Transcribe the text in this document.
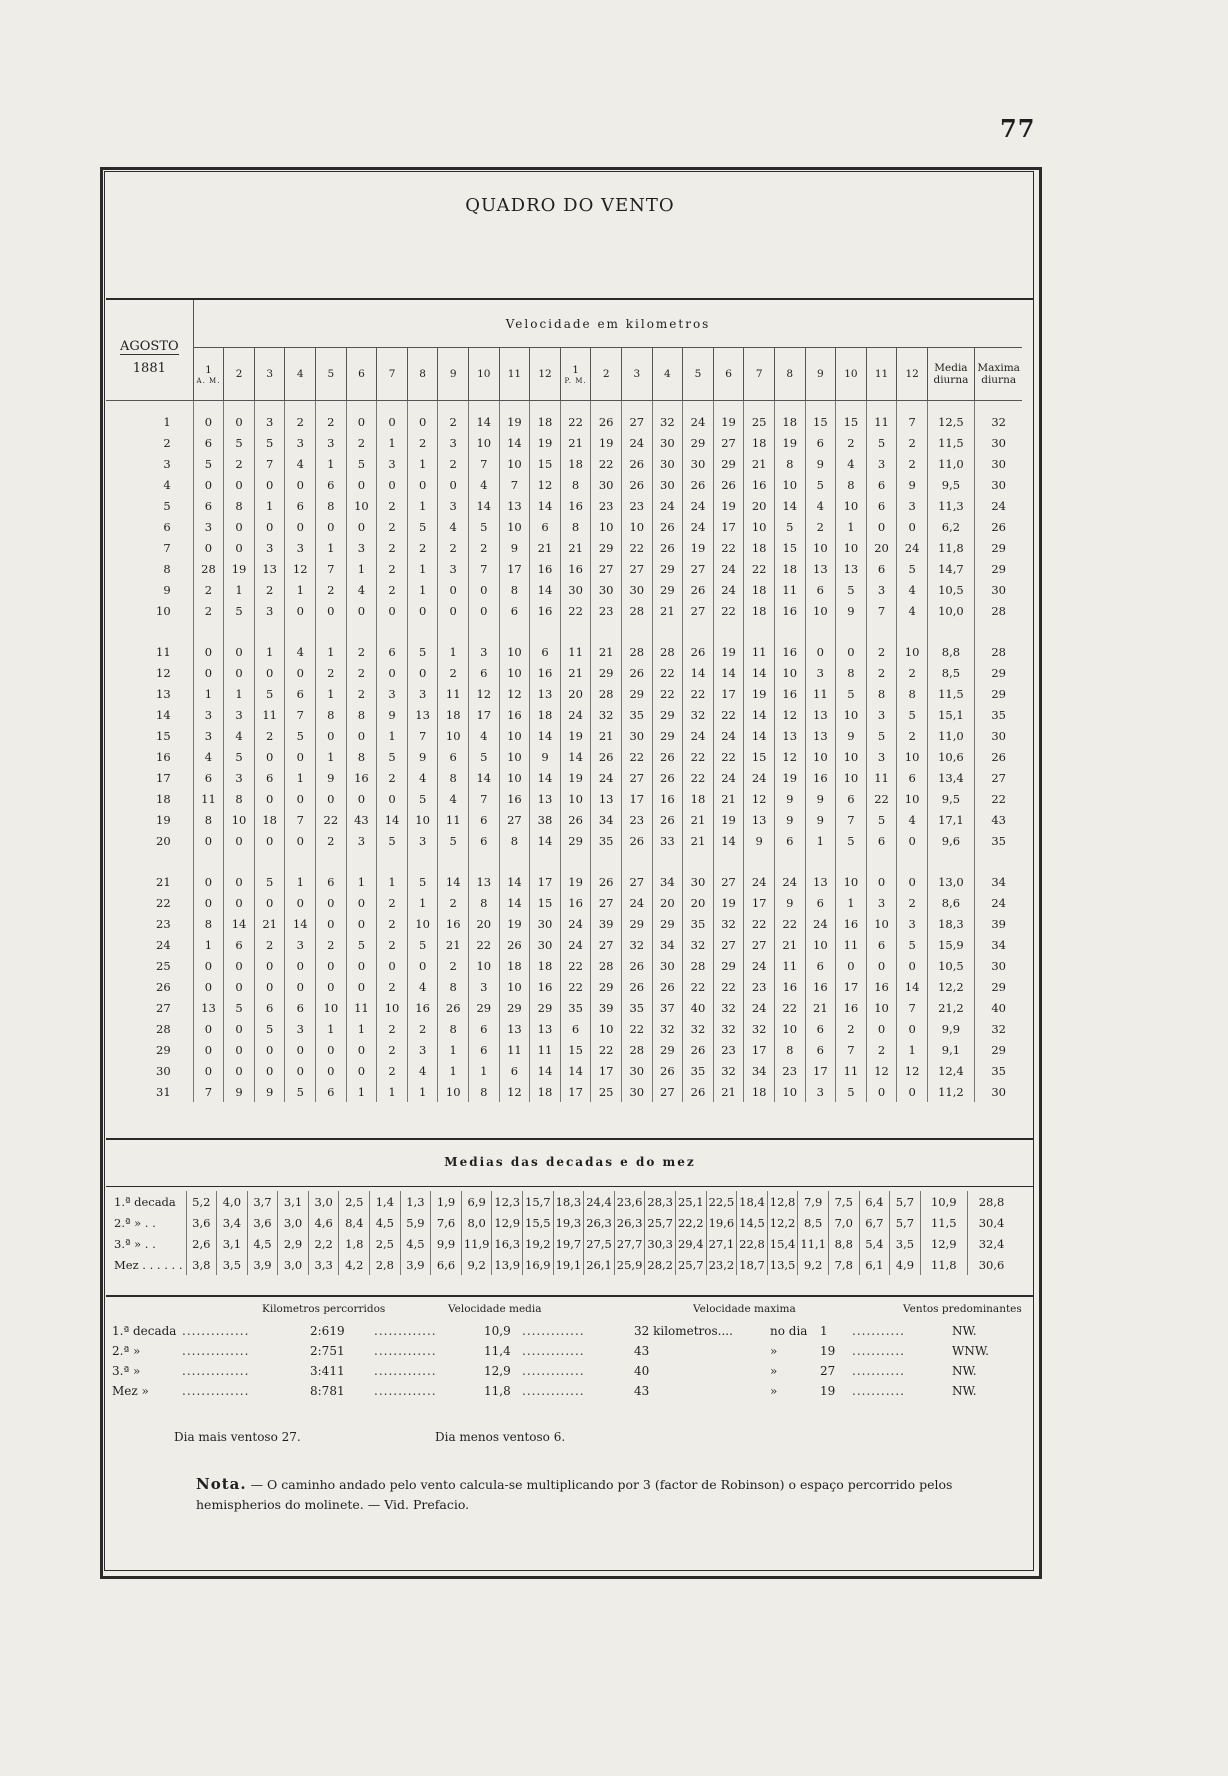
77
QUADRO DO VENTO
AGOSTO
1881	Velocidade em kilometros																									
	1
A. M.	2	3	4	5	6	7	8	9	10	11	12	1
P. M.	2	3	4	5	6	7	8	9	10	11	12	Media diurna	Maxima diurna

1	0	0	3	2	2	0	0	0	2	14	19	18	22	26	27	32	24	19	25	18	15	15	11	7	12,5	32
2	6	5	5	3	3	2	1	2	3	10	14	19	21	19	24	30	29	27	18	19	6	2	5	2	11,5	30
3	5	2	7	4	1	5	3	1	2	7	10	15	18	22	26	30	30	29	21	8	9	4	3	2	11,0	30
4	0	0	0	0	6	0	0	0	0	4	7	12	8	30	26	30	26	26	16	10	5	8	6	9	9,5	30
5	6	8	1	6	8	10	2	1	3	14	13	14	16	23	23	24	24	19	20	14	4	10	6	3	11,3	24
6	3	0	0	0	0	0	2	5	4	5	10	6	8	10	10	26	24	17	10	5	2	1	0	0	6,2	26
7	0	0	3	3	1	3	2	2	2	2	9	21	21	29	22	26	19	22	18	15	10	10	20	24	11,8	29
8	28	19	13	12	7	1	2	1	3	7	17	16	16	27	27	29	27	24	22	18	13	13	6	5	14,7	29
9	2	1	2	1	2	4	2	1	0	0	8	14	30	30	30	29	26	24	18	11	6	5	3	4	10,5	30
10	2	5	3	0	0	0	0	0	0	0	6	16	22	23	28	21	27	22	18	16	10	9	7	4	10,0	28

11	0	0	1	4	1	2	6	5	1	3	10	6	11	21	28	28	26	19	11	16	0	0	2	10	8,8	28
12	0	0	0	0	2	2	0	0	2	6	10	16	21	29	26	22	14	14	14	10	3	8	2	2	8,5	29
13	1	1	5	6	1	2	3	3	11	12	12	13	20	28	29	22	22	17	19	16	11	5	8	8	11,5	29
14	3	3	11	7	8	8	9	13	18	17	16	18	24	32	35	29	32	22	14	12	13	10	3	5	15,1	35
15	3	4	2	5	0	0	1	7	10	4	10	14	19	21	30	29	24	24	14	13	13	9	5	2	11,0	30
16	4	5	0	0	1	8	5	9	6	5	10	9	14	26	22	26	22	22	15	12	10	10	3	10	10,6	26
17	6	3	6	1	9	16	2	4	8	14	10	14	19	24	27	26	22	24	24	19	16	10	11	6	13,4	27
18	11	8	0	0	0	0	0	5	4	7	16	13	10	13	17	16	18	21	12	9	9	6	22	10	9,5	22
19	8	10	18	7	22	43	14	10	11	6	27	38	26	34	23	26	21	19	13	9	9	7	5	4	17,1	43
20	0	0	0	0	2	3	5	3	5	6	8	14	29	35	26	33	21	14	9	6	1	5	6	0	9,6	35

21	0	0	5	1	6	1	1	5	14	13	14	17	19	26	27	34	30	27	24	24	13	10	0	0	13,0	34
22	0	0	0	0	0	0	2	1	2	8	14	15	16	27	24	20	20	19	17	9	6	1	3	2	8,6	24
23	8	14	21	14	0	0	2	10	16	20	19	30	24	39	29	29	35	32	22	22	24	16	10	3	18,3	39
24	1	6	2	3	2	5	2	5	21	22	26	30	24	27	32	34	32	27	27	21	10	11	6	5	15,9	34
25	0	0	0	0	0	0	0	0	2	10	18	18	22	28	26	30	28	29	24	11	6	0	0	0	10,5	30
26	0	0	0	0	0	0	2	4	8	3	10	16	22	29	26	26	22	22	23	16	16	17	16	14	12,2	29
27	13	5	6	6	10	11	10	16	26	29	29	29	35	39	35	37	40	32	24	22	21	16	10	7	21,2	40
28	0	0	5	3	1	1	2	2	8	6	13	13	6	10	22	32	32	32	32	10	6	2	0	0	9,9	32
29	0	0	0	0	0	0	2	3	1	6	11	11	15	22	28	29	26	23	17	8	6	7	2	1	9,1	29
30	0	0	0	0	0	0	2	4	1	1	6	14	14	17	30	26	35	32	34	23	17	11	12	12	12,4	35
31	7	9	9	5	6	1	1	1	10	8	12	18	17	25	30	27	26	21	18	10	3	5	0	0	11,2	30
Medias das decadas e do mez
1.ª decada	5,2	4,0	3,7	3,1	3,0	2,5	1,4	1,3	1,9	6,9	12,3	15,7	18,3	24,4	23,6	28,3	25,1	22,5	18,4	12,8	7,9	7,5	6,4	5,7	10,9	28,8
2.ª » . .	3,6	3,4	3,6	3,0	4,6	8,4	4,5	5,9	7,6	8,0	12,9	15,5	19,3	26,3	26,3	25,7	22,2	19,6	14,5	12,2	8,5	7,0	6,7	5,7	11,5	30,4
3.ª » . .	2,6	3,1	4,5	2,9	2,2	1,8	2,5	4,5	9,9	11,9	16,3	19,2	19,7	27,5	27,7	30,3	29,4	27,1	22,8	15,4	11,1	8,8	5,4	3,5	12,9	32,4
Mez . . . . . .	3,8	3,5	3,9	3,0	3,3	4,2	2,8	3,9	6,6	9,2	13,9	16,9	19,1	26,1	25,9	28,2	25,7	23,2	18,7	13,5	9,2	7,8	6,1	4,9	11,8	30,6
Kilometros percorridos	Velocidade media	Velocidade maxima	Ventos predominantes
1.ª decada	2:619	10,9	32 kilometros....	no dia 1	NW.
..............	.............	.............	...........
2.ª »	2:751	11,4	43	»	19	WNW.
..............	.............	.............	...........
3.ª »	3:411	12,9	40	»	27	NW.
..............	.............	.............	...........
Mez »	8:781	11,8	43	»	19	NW.
..............	.............	.............	...........
Dia mais ventoso 27.	Dia menos ventoso 6.
Nota. — O caminho andado pelo vento calcula-se multiplicando por 3 (factor de Robinson) o espaço percorrido pelos hemispherios do molinete. — Vid. Prefacio.
